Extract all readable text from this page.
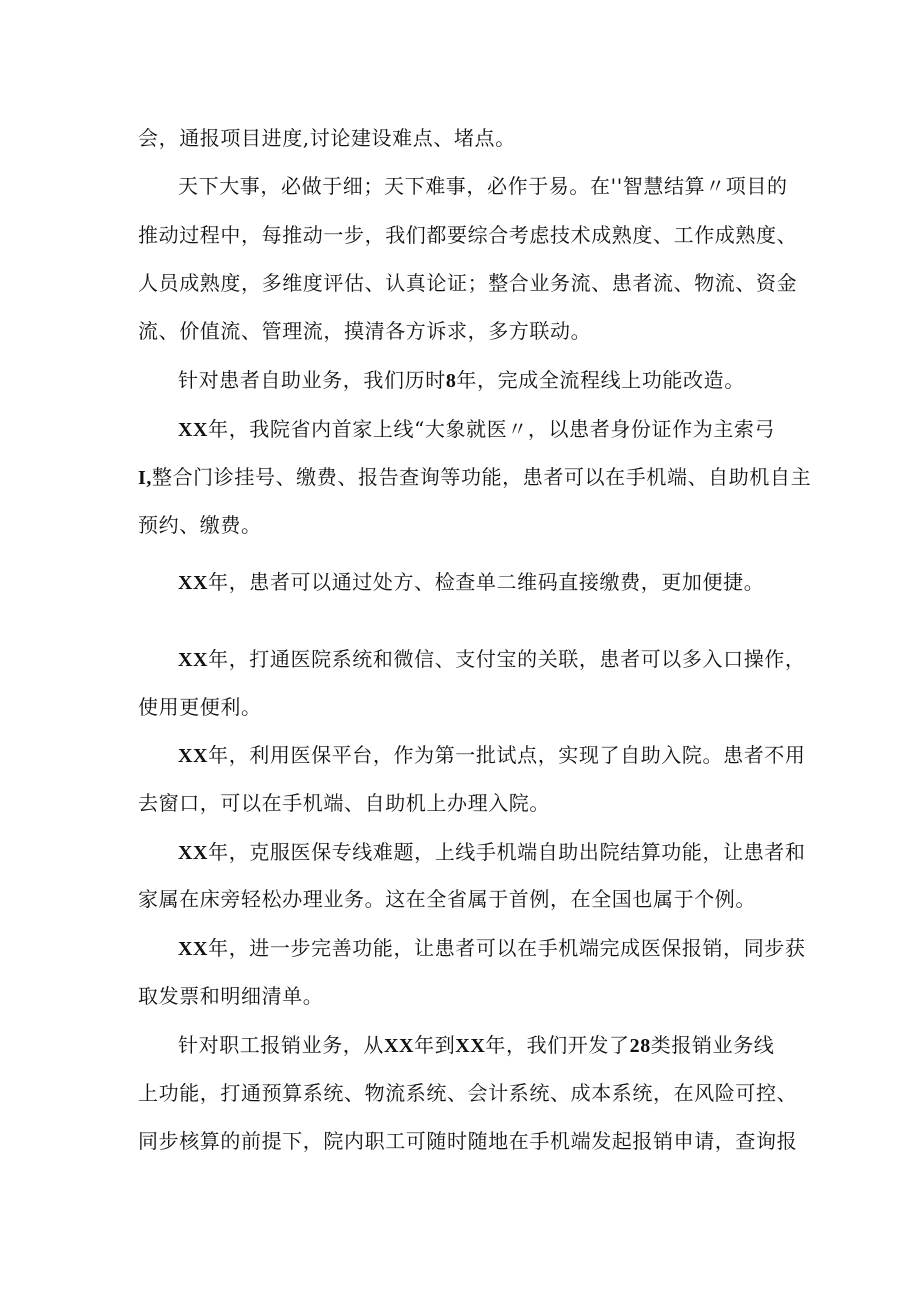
会，通报项目进度,讨论建设难点、堵点。
天下大事，必做于细；天下难事，必作于易。在''智慧结算〃项目的
推动过程中，每推动一步，我们都要综合考虑技术成熟度、工作成熟度、
人员成熟度，多维度评估、认真论证；整合业务流、患者流、物流、资金
流、价值流、管理流，摸清各方诉求，多方联动。
针对患者自助业务，我们历时8年，完成全流程线上功能改造。
XX年，我院省内首家上线“大象就医〃，以患者身份证作为主索弓
I,整合门诊挂号、缴费、报告查询等功能，患者可以在手机端、自助机自主
预约、缴费。
XX年，患者可以通过处方、检查单二维码直接缴费，更加便捷。
XX年，打通医院系统和微信、支付宝的关联，患者可以多入口操作，
使用更便利。
XX年，利用医保平台，作为第一批试点，实现了自助入院。患者不用
去窗口，可以在手机端、自助机上办理入院。
XX年，克服医保专线难题，上线手机端自助出院结算功能，让患者和
家属在床旁轻松办理业务。这在全省属于首例，在全国也属于个例。
XX年，进一步完善功能，让患者可以在手机端完成医保报销，同步获
取发票和明细清单。
针对职工报销业务，从XX年到XX年，我们开发了28类报销业务线
上功能，打通预算系统、物流系统、会计系统、成本系统，在风险可控、
同步核算的前提下，院内职工可随时随地在手机端发起报销申请，查询报
